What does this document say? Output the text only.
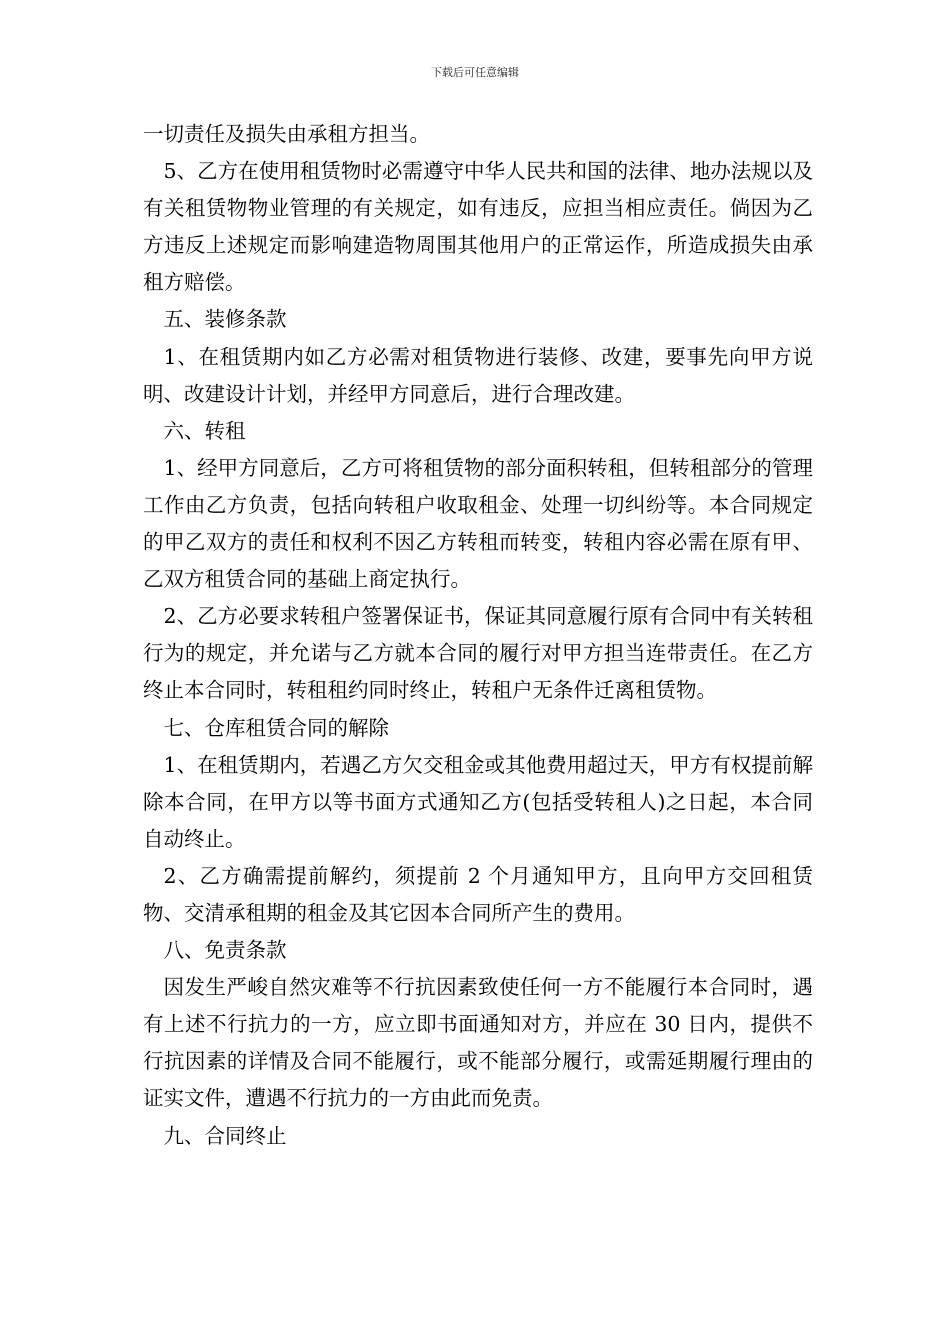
下载后可任意编辑

一切责任及损失由承租方担当。

5、乙方在使用租赁物时必需遵守中华人民共和国的法律、地办法规以及有关租赁物物业管理的有关规定，如有违反，应担当相应责任。倘因为乙方违反上述规定而影响建造物周围其他用户的正常运作，所造成损失由承租方赔偿。

五、装修条款

1、在租赁期内如乙方必需对租赁物进行装修、改建，要事先向甲方说明、改建设计计划，并经甲方同意后，进行合理改建。

六、转租

1、经甲方同意后，乙方可将租赁物的部分面积转租，但转租部分的管理工作由乙方负责，包括向转租户收取租金、处理一切纠纷等。本合同规定的甲乙双方的责任和权利不因乙方转租而转变，转租内容必需在原有甲、乙双方租赁合同的基础上商定执行。

2、乙方必要求转租户签署保证书，保证其同意履行原有合同中有关转租行为的规定，并允诺与乙方就本合同的履行对甲方担当连带责任。在乙方终止本合同时，转租租约同时终止，转租户无条件迁离租赁物。

七、仓库租赁合同的解除

1、在租赁期内，若遇乙方欠交租金或其他费用超过天，甲方有权提前解除本合同，在甲方以等书面方式通知乙方(包括受转租人)之日起，本合同自动终止。

2、乙方确需提前解约，须提前 2 个月通知甲方，且向甲方交回租赁物、交清承租期的租金及其它因本合同所产生的费用。

八、免责条款

因发生严峻自然灾难等不行抗因素致使任何一方不能履行本合同时，遇有上述不行抗力的一方，应立即书面通知对方，并应在 30 日内，提供不行抗因素的详情及合同不能履行，或不能部分履行，或需延期履行理由的证实文件，遭遇不行抗力的一方由此而免责。

九、合同终止
